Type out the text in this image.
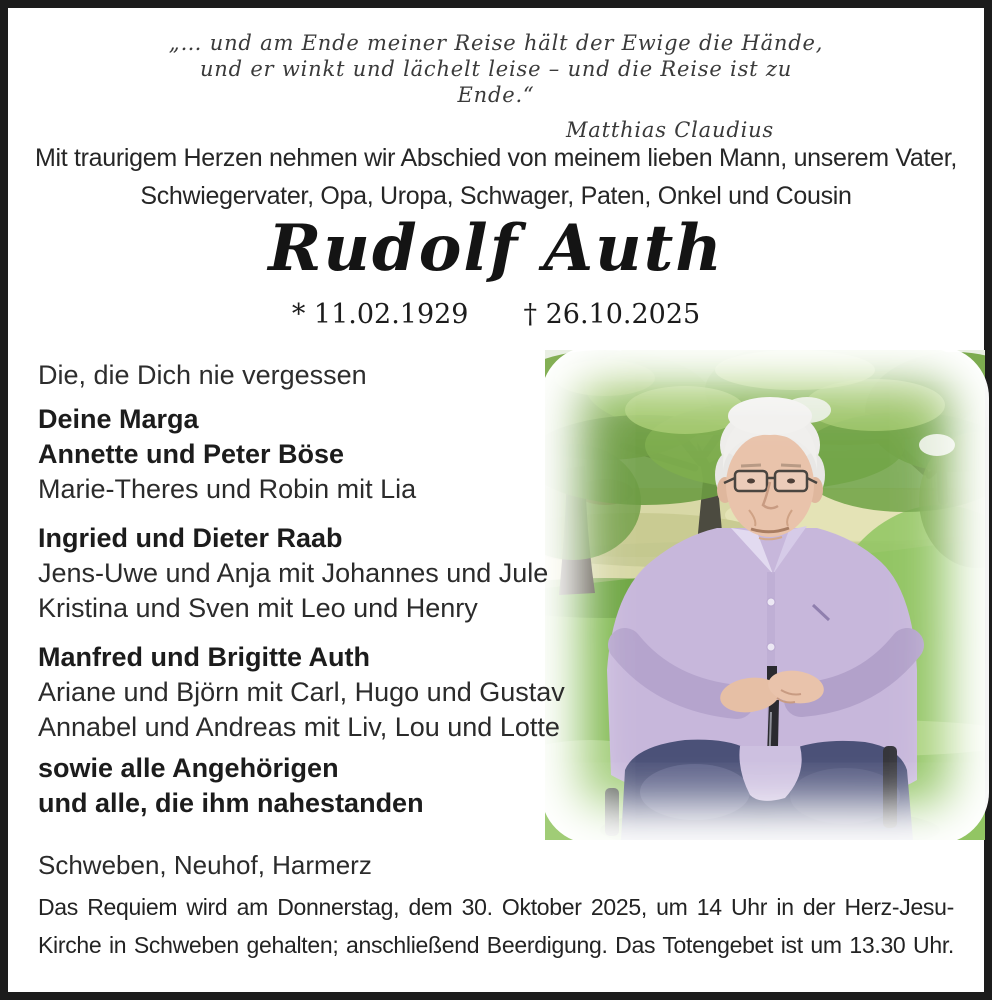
„… und am Ende meiner Reise hält der Ewige die Hände,
und er winkt und lächelt leise – und die Reise ist zu Ende.“
Matthias Claudius
Mit traurigem Herzen nehmen wir Abschied von meinem lieben Mann, unserem Vater,
Schwiegervater, Opa, Uropa, Schwager, Paten, Onkel und Cousin
Rudolf Auth
* 11.02.1929 † 26.10.2025
Die, die Dich nie vergessen
Deine Marga
Annette und Peter Böse
Marie-Theres und Robin mit Lia
Ingried und Dieter Raab
Jens-Uwe und Anja mit Johannes und Jule
Kristina und Sven mit Leo und Henry
Manfred und Brigitte Auth
Ariane und Björn mit Carl, Hugo und Gustav
Annabel und Andreas mit Liv, Lou und Lotte
sowie alle Angehörigen
und alle, die ihm nahestanden
Schweben, Neuhof, Harmerz
Das Requiem wird am Donnerstag, dem 30. Oktober 2025, um 14 Uhr in der Herz-Jesu-
Kirche in Schweben gehalten; anschließend Beerdigung. Das Totengebet ist um 13.30 Uhr.
